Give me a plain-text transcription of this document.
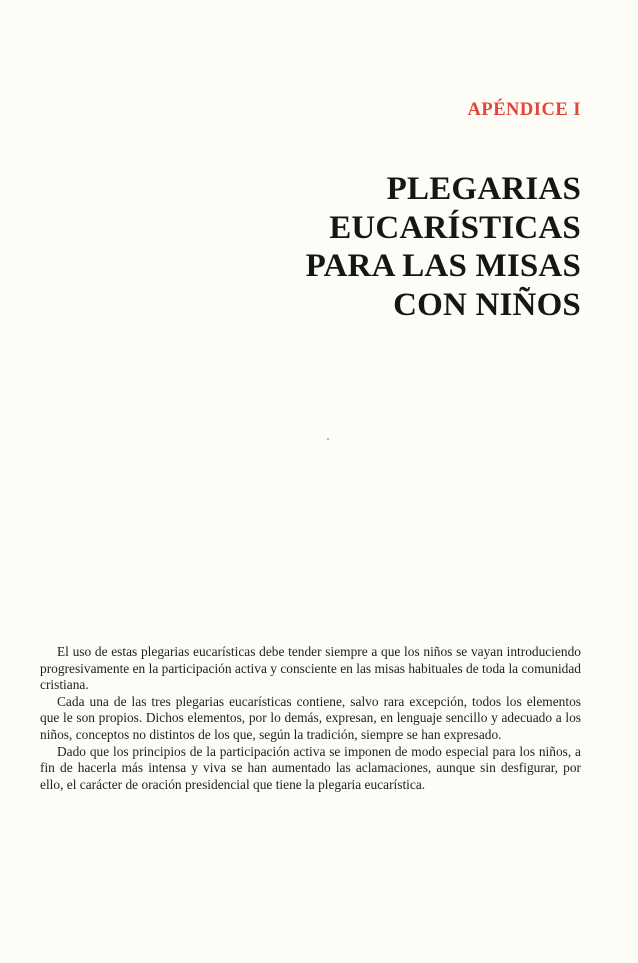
APÉNDICE I
PLEGARIAS
EUCARÍSTICAS
PARA LAS MISAS
CON NIÑOS

El uso de estas plegarias eucarísticas debe tender siempre a que los niños se vayan introduciendo progresivamente en la participación activa y consciente en las misas habituales de toda la comunidad cristiana.

Cada una de las tres plegarias eucarísticas contiene, salvo rara excepción, todos los elementos que le son propios. Dichos elementos, por lo demás, expresan, en lenguaje sencillo y adecuado a los niños, conceptos no distintos de los que, según la tradición, siempre se han expresado.

Dado que los principios de la participación activa se imponen de modo especial para los niños, a fin de hacerla más intensa y viva se han aumentado las aclamaciones, aunque sin desfigurar, por ello, el carácter de oración presidencial que tiene la plegaria eucarística.
